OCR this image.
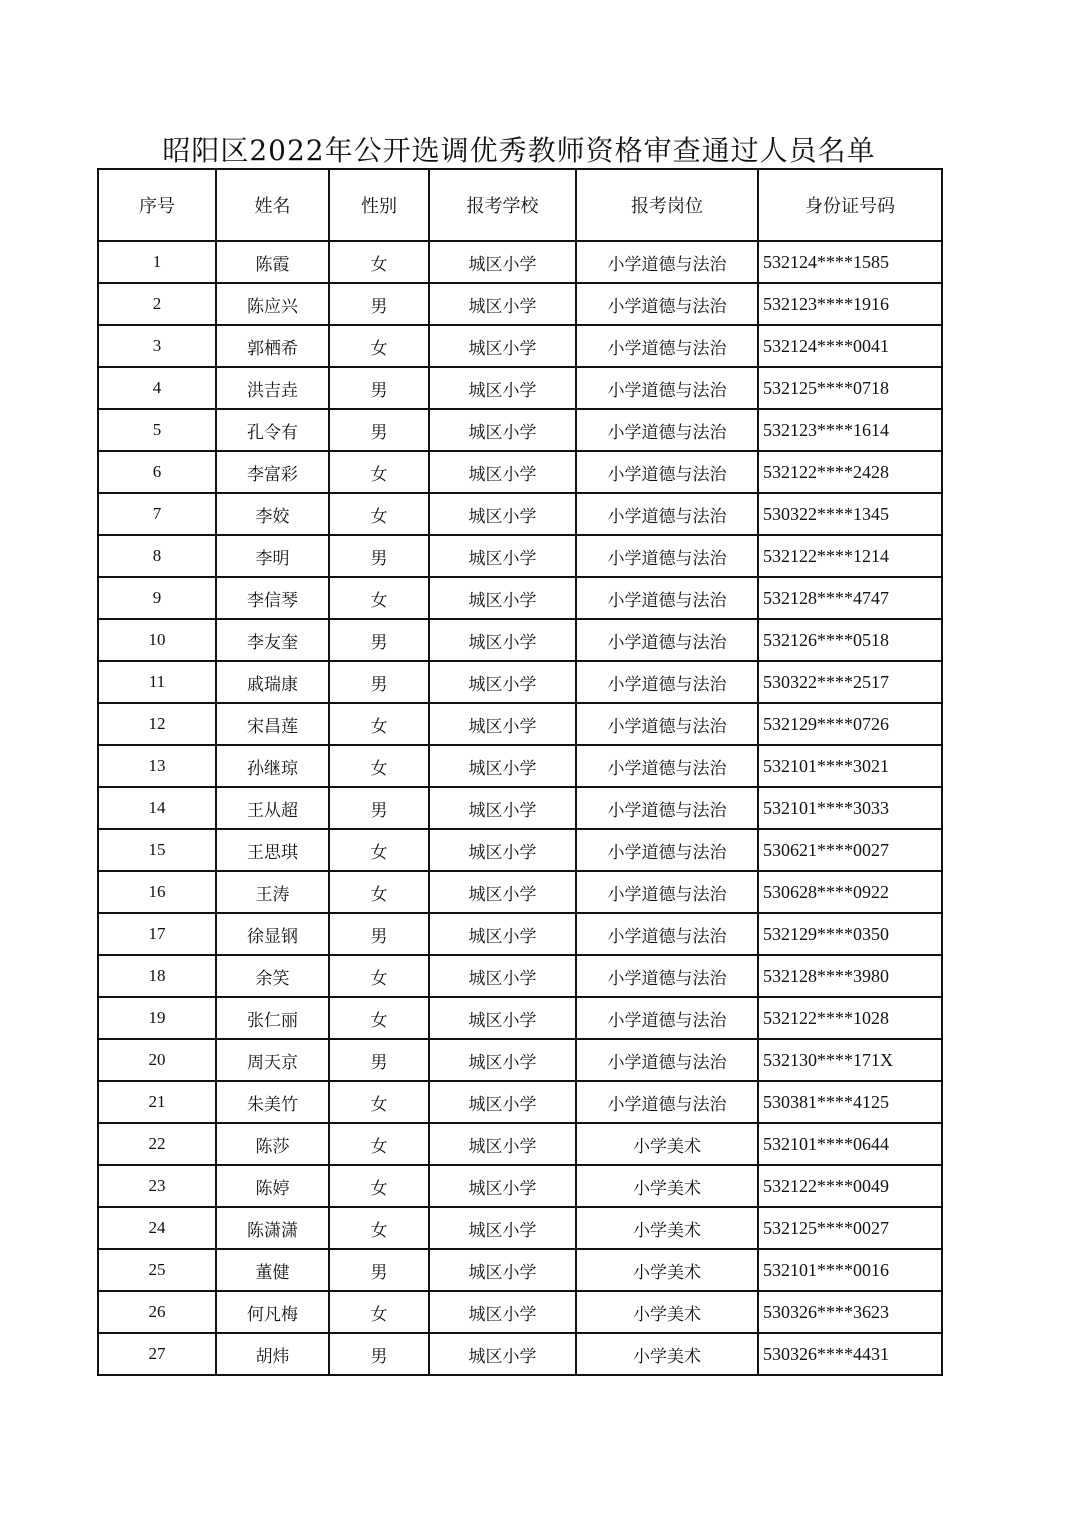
昭阳区2022年公开选调优秀教师资格审查通过人员名单
序号	姓名	性别	报考学校	报考岗位	身份证号码
1	陈霞	女	城区小学	小学道德与法治	532124****1585
2	陈应兴	男	城区小学	小学道德与法治	532123****1916
3	郭栖希	女	城区小学	小学道德与法治	532124****0041
4	洪吉垚	男	城区小学	小学道德与法治	532125****0718
5	孔令有	男	城区小学	小学道德与法治	532123****1614
6	李富彩	女	城区小学	小学道德与法治	532122****2428
7	李姣	女	城区小学	小学道德与法治	530322****1345
8	李明	男	城区小学	小学道德与法治	532122****1214
9	李信琴	女	城区小学	小学道德与法治	532128****4747
10	李友奎	男	城区小学	小学道德与法治	532126****0518
11	戚瑞康	男	城区小学	小学道德与法治	530322****2517
12	宋昌莲	女	城区小学	小学道德与法治	532129****0726
13	孙继琼	女	城区小学	小学道德与法治	532101****3021
14	王从超	男	城区小学	小学道德与法治	532101****3033
15	王思琪	女	城区小学	小学道德与法治	530621****0027
16	王涛	女	城区小学	小学道德与法治	530628****0922
17	徐显钢	男	城区小学	小学道德与法治	532129****0350
18	余笑	女	城区小学	小学道德与法治	532128****3980
19	张仁丽	女	城区小学	小学道德与法治	532122****1028
20	周天京	男	城区小学	小学道德与法治	532130****171X
21	朱美竹	女	城区小学	小学道德与法治	530381****4125
22	陈莎	女	城区小学	小学美术	532101****0644
23	陈婷	女	城区小学	小学美术	532122****0049
24	陈潇潇	女	城区小学	小学美术	532125****0027
25	董健	男	城区小学	小学美术	532101****0016
26	何凡梅	女	城区小学	小学美术	530326****3623
27	胡炜	男	城区小学	小学美术	530326****4431
